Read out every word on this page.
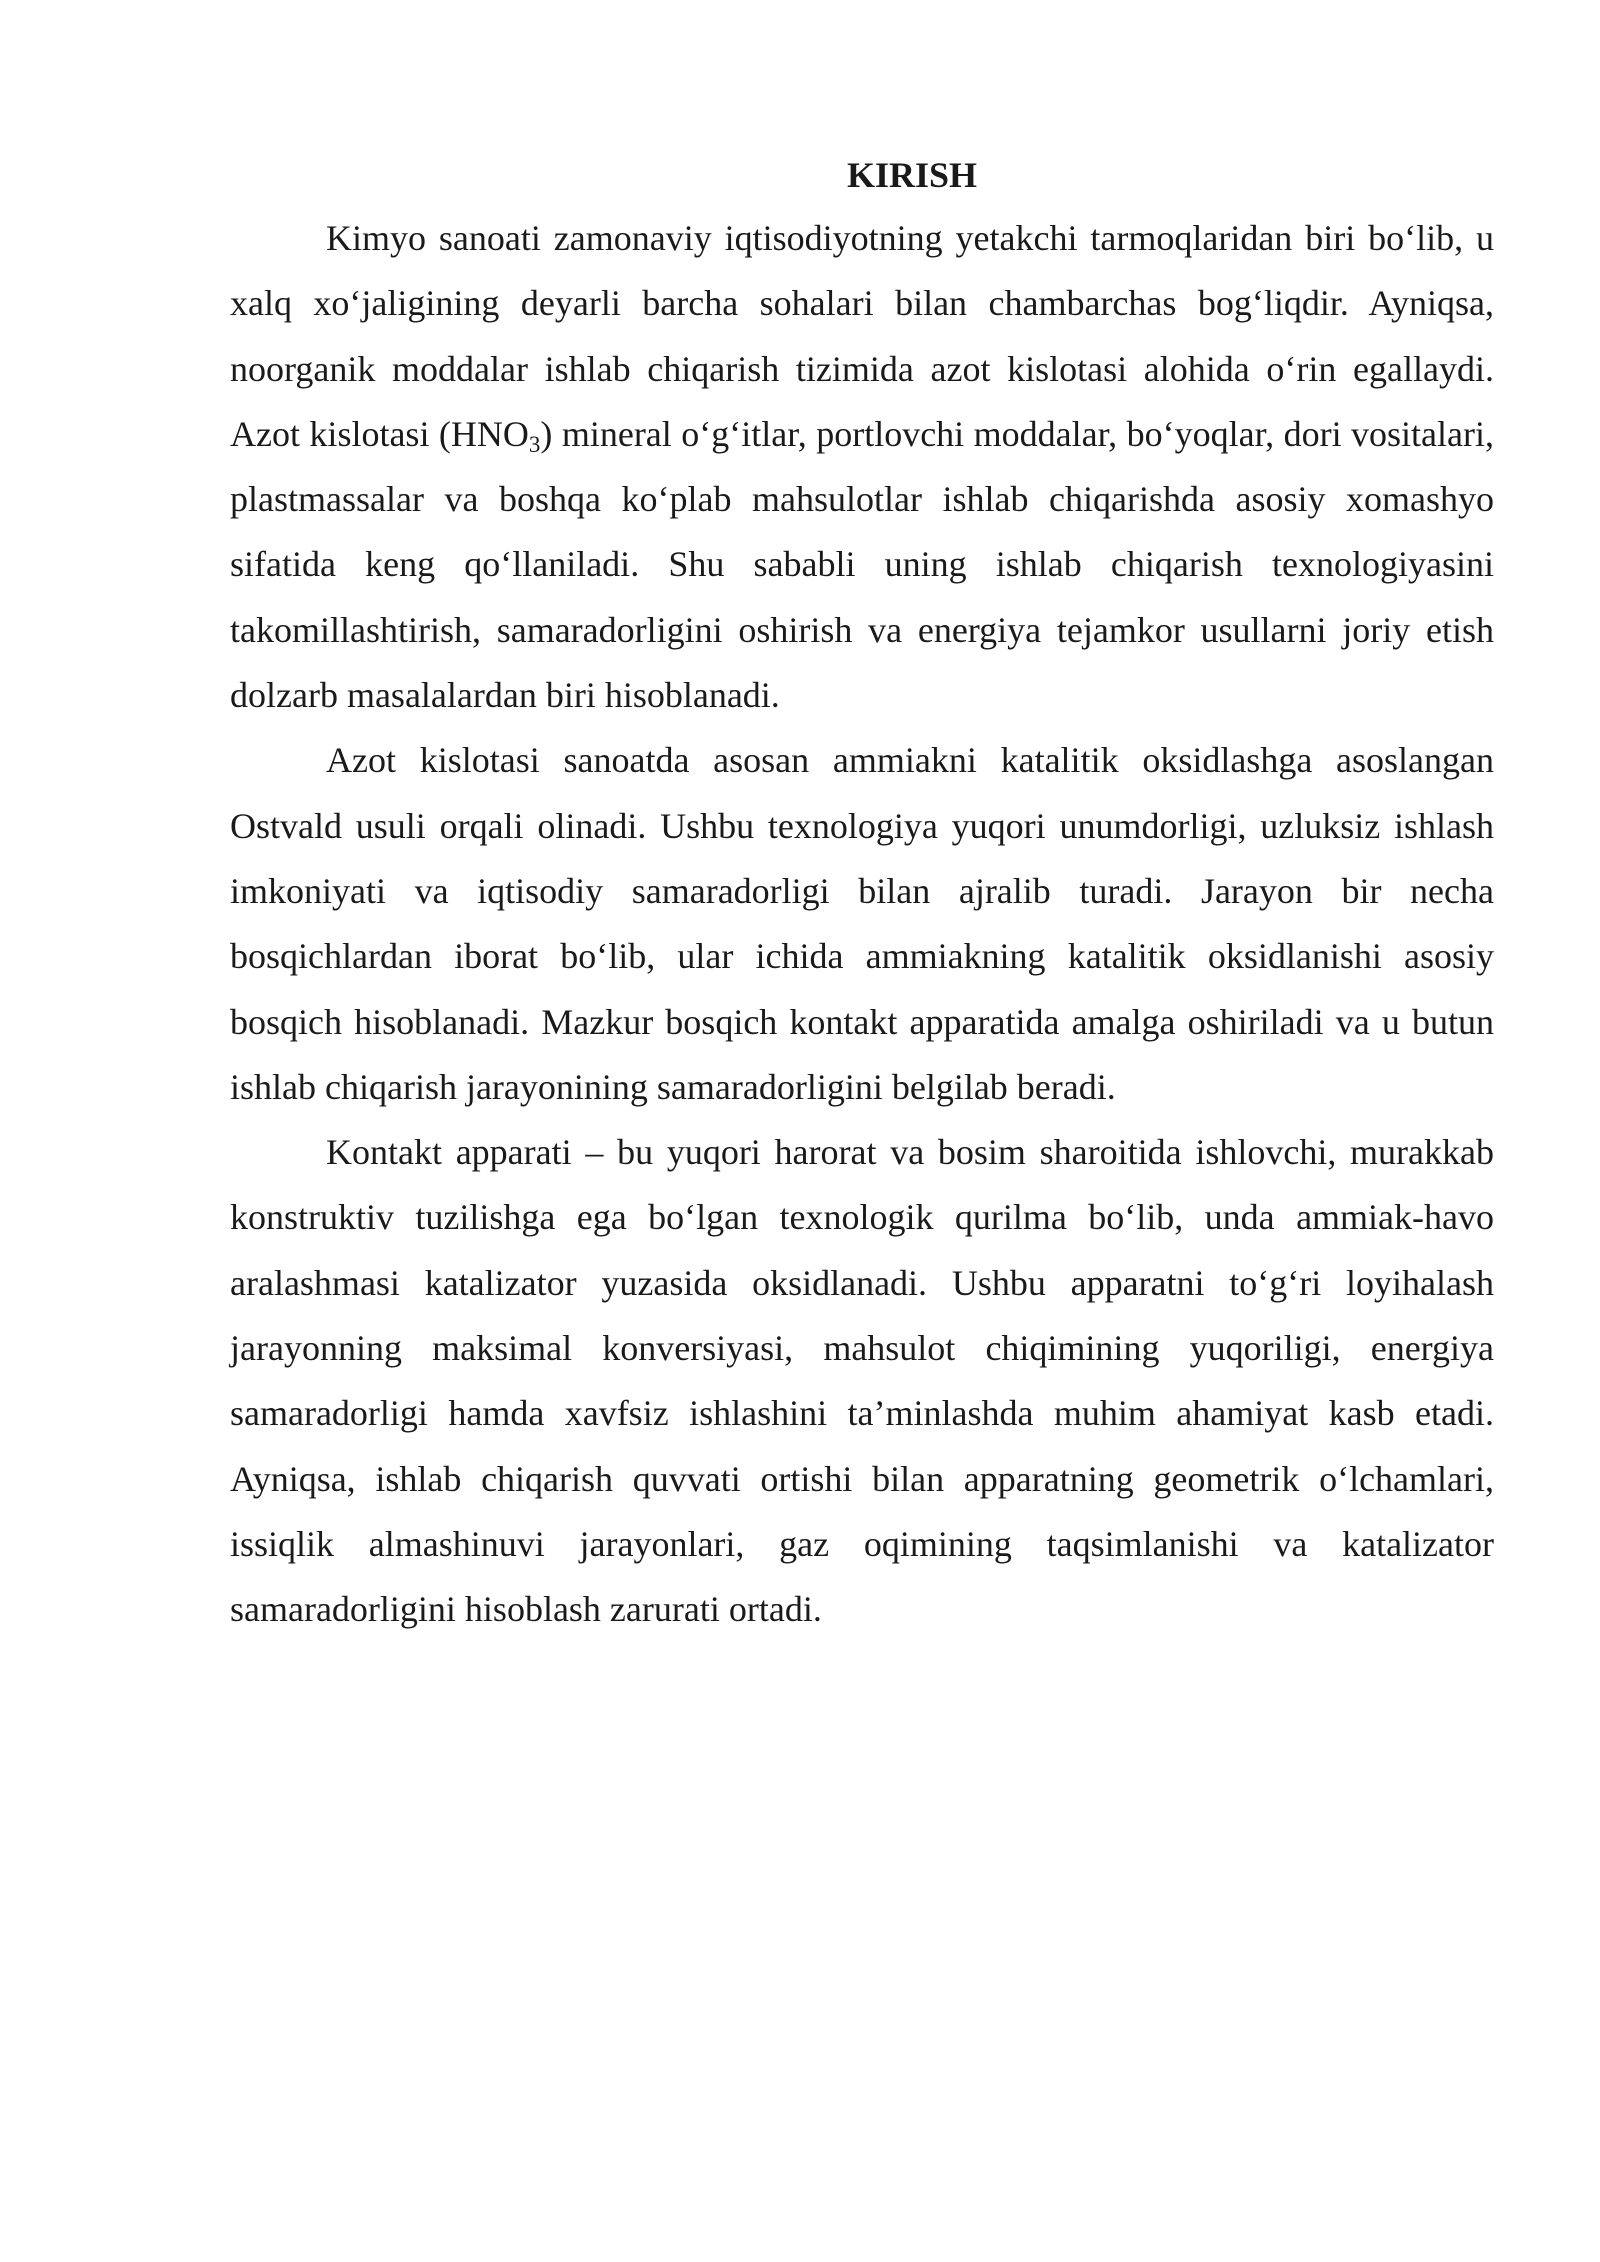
KIRISH

Kimyo sanoati zamonaviy iqtisodiyotning yetakchi tarmoqlaridan biri bo‘lib, u xalq xo‘jaligining deyarli barcha sohalari bilan chambarchas bog‘liqdir. Ayniqsa, noorganik moddalar ishlab chiqarish tizimida azot kislotasi alohida o‘rin egallaydi. Azot kislotasi $(HNO_3)$ mineral o‘g‘itlar, portlovchi moddalar, bo‘yoqlar, dori vositalari, plastmassalar va boshqa ko‘plab mahsulotlar ishlab chiqarishda asosiy xomashyo sifatida keng qo‘llaniladi. Shu sababli uning ishlab chiqarish texnologiyasini takomillashtirish, samaradorligini oshirish va energiya tejamkor usullarni joriy etish dolzarb masalalardan biri hisoblanadi.

Azot kislotasi sanoatda asosan ammiakni katalitik oksidlashga asoslangan Ostvald usuli orqali olinadi. Ushbu texnologiya yuqori unumdorligi, uzluksiz ishlash imkoniyati va iqtisodiy samaradorligi bilan ajralib turadi. Jarayon bir necha bosqichlardan iborat bo‘lib, ular ichida ammiakning katalitik oksidlanishi asosiy bosqich hisoblanadi. Mazkur bosqich kontakt apparatida amalga oshiriladi va u butun ishlab chiqarish jarayonining samaradorligini belgilab beradi.

Kontakt apparati – bu yuqori harorat va bosim sharoitida ishlovchi, murakkab konstruktiv tuzilishga ega bo‘lgan texnologik qurilma bo‘lib, unda ammiak-havo aralashmasi katalizator yuzasida oksidlanadi. Ushbu apparatni to‘g‘ri loyihalash jarayonning maksimal konversiyasi, mahsulot chiqimining yuqoriligi, energiya samaradorligi hamda xavfsiz ishlashini ta’minlashda muhim ahamiyat kasb etadi. Ayniqsa, ishlab chiqarish quvvati ortishi bilan apparatning geometrik o‘lchamlari, issiqlik almashinuvi jarayonlari, gaz oqimining taqsimlanishi va katalizator samaradorligini hisoblash zarurati ortadi.
